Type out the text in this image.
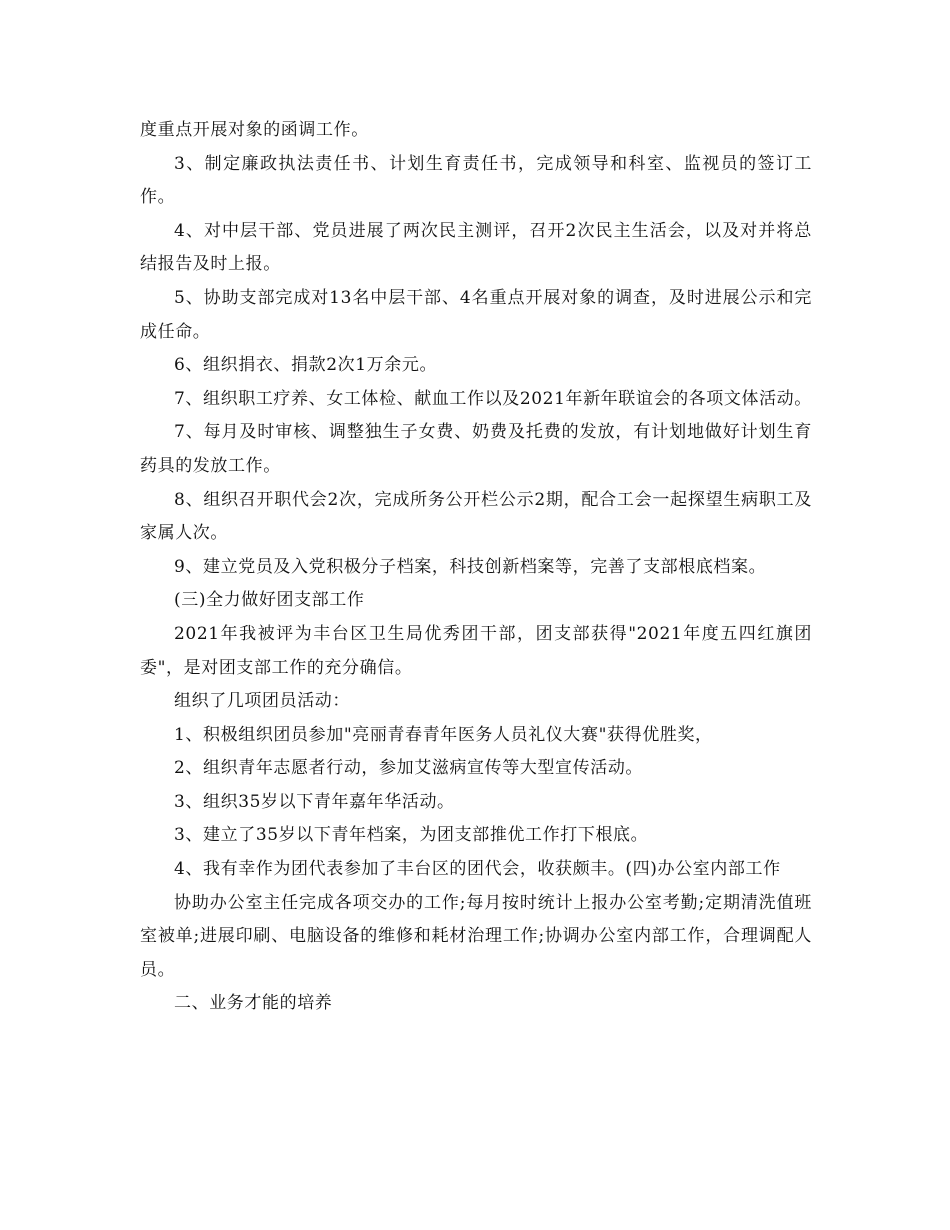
度重点开展对象的函调工作。

3、制定廉政执法责任书、计划生育责任书，完成领导和科室、监视员的签订工作。

4、对中层干部、党员进展了两次民主测评，召开2次民主生活会，以及对并将总结报告及时上报。

5、协助支部完成对13名中层干部、4名重点开展对象的调查，及时进展公示和完成任命。

6、组织捐衣、捐款2次1万余元。

7、组织职工疗养、女工体检、献血工作以及2021年新年联谊会的各项文体活动。

7、每月及时审核、调整独生子女费、奶费及托费的发放，有计划地做好计划生育药具的发放工作。

8、组织召开职代会2次，完成所务公开栏公示2期，配合工会一起探望生病职工及家属人次。

9、建立党员及入党积极分子档案，科技创新档案等，完善了支部根底档案。

(三)全力做好团支部工作

2021年我被评为丰台区卫生局优秀团干部，团支部获得"2021年度五四红旗团委"，是对团支部工作的充分确信。

组织了几项团员活动：

1、积极组织团员参加"亮丽青春青年医务人员礼仪大赛"获得优胜奖，

2、组织青年志愿者行动，参加艾滋病宣传等大型宣传活动。

3、组织35岁以下青年嘉年华活动。

3、建立了35岁以下青年档案，为团支部推优工作打下根底。

4、我有幸作为团代表参加了丰台区的团代会，收获颇丰。(四)办公室内部工作

协助办公室主任完成各项交办的工作;每月按时统计上报办公室考勤;定期清洗值班室被单;进展印刷、电脑设备的维修和耗材治理工作;协调办公室内部工作，合理调配人员。

二、业务才能的培养
